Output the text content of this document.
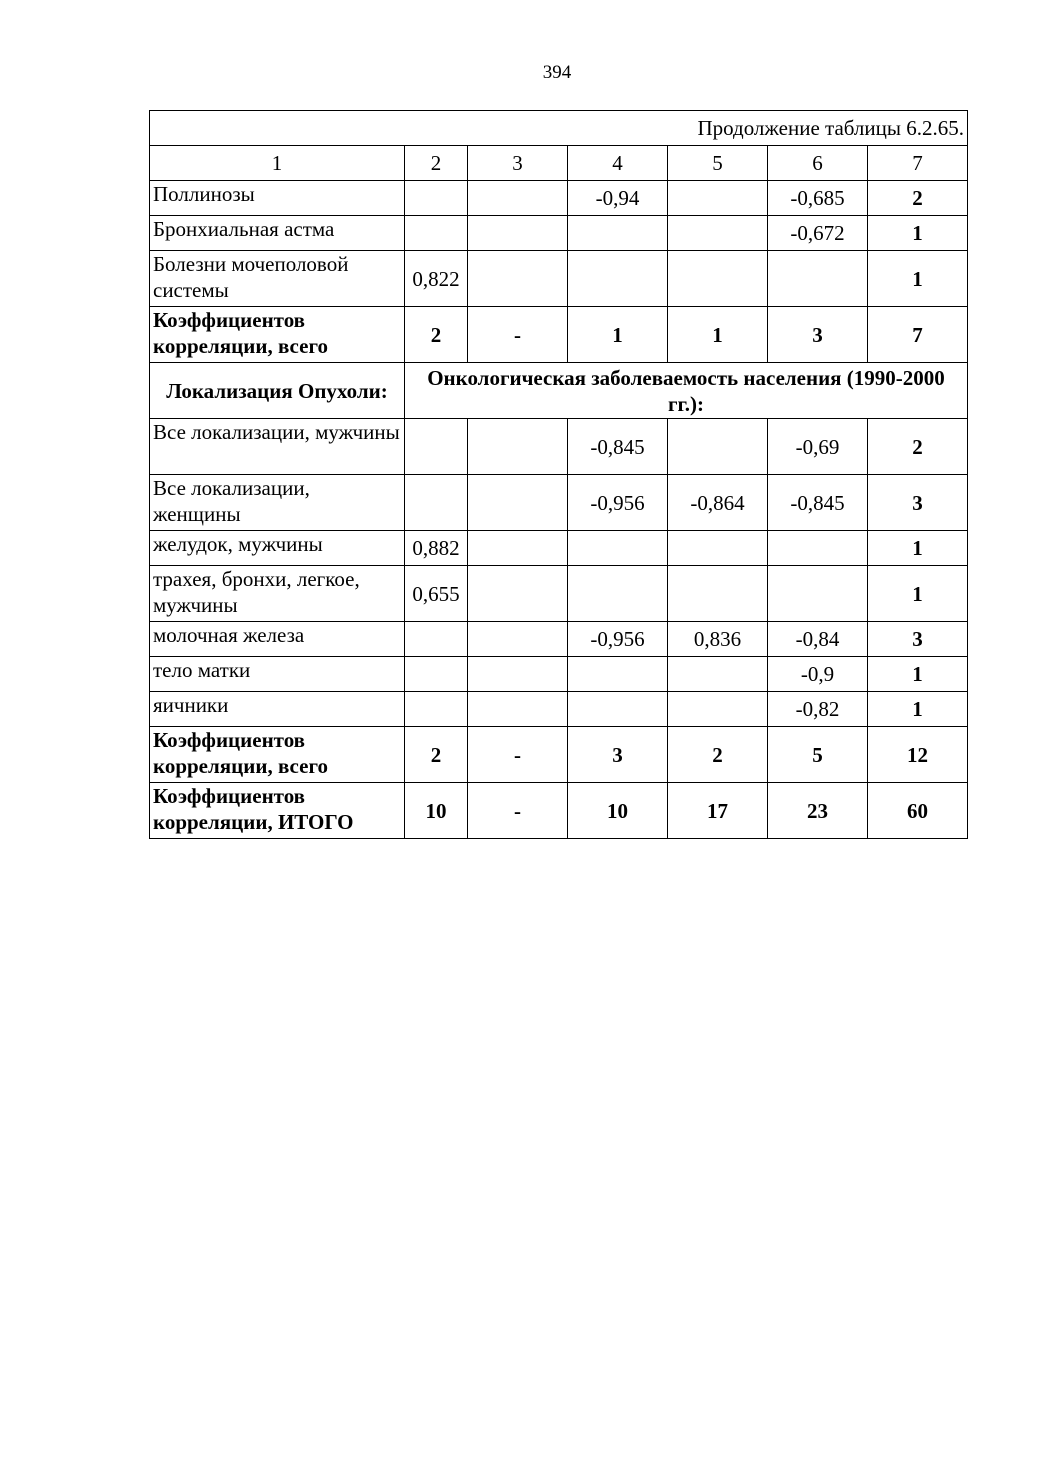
394
Продолжение таблицы 6.2.65.						
1	2	3	4	5	6	7
Поллинозы			-0,94		-0,685	2
Бронхиальная астма					-0,672	1
Болезни мочеполовой системы	0,822					1
Коэффициентов корреляции, всего	2	-	1	1	3	7
Локализация Опухоли:	Онкологическая заболеваемость населения (1990-2000 гг.):					
Все локализации, мужчины			-0,845		-0,69	2
Все локализации, женщины			-0,956	-0,864	-0,845	3
желудок, мужчины	0,882					1
трахея, бронхи, легкое, мужчины	0,655					1
молочная железа			-0,956	0,836	-0,84	3
тело матки					-0,9	1
яичники					-0,82	1
Коэффициентов корреляции, всего	2	-	3	2	5	12
Коэффициентов корреляции, ИТОГО	10	-	10	17	23	60
